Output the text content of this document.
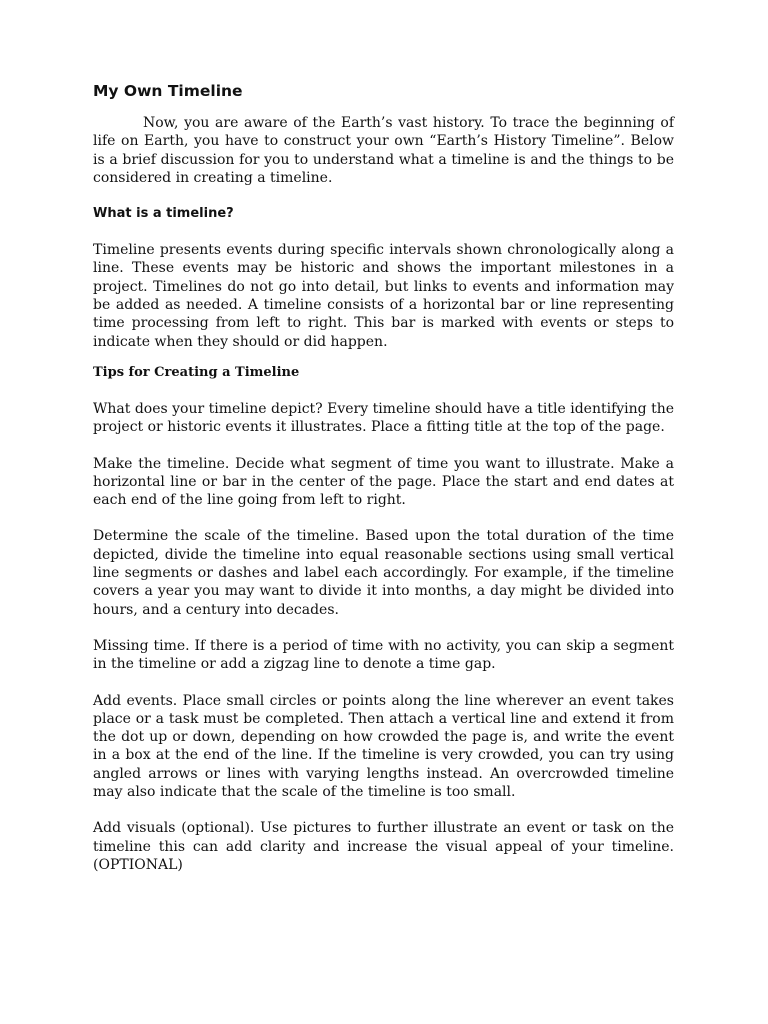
My Own Timeline

Now, you are aware of the Earth’s vast history. To trace the beginning of life on Earth, you have to construct your own “Earth’s History Timeline”. Below is a brief discussion for you to understand what a timeline is and the things to be considered in creating a timeline.

What is a timeline?

Timeline presents events during specific intervals shown chronologically along a line. These events may be historic and shows the important milestones in a project. Timelines do not go into detail, but links to events and information may be added as needed. A timeline consists of a horizontal bar or line representing time processing from left to right. This bar is marked with events or steps to indicate when they should or did happen.

Tips for Creating a Timeline

What does your timeline depict? Every timeline should have a title identifying the project or historic events it illustrates. Place a fitting title at the top of the page.

Make the timeline. Decide what segment of time you want to illustrate. Make a horizontal line or bar in the center of the page. Place the start and end dates at each end of the line going from left to right.

Determine the scale of the timeline. Based upon the total duration of the time depicted, divide the timeline into equal reasonable sections using small vertical line segments or dashes and label each accordingly. For example, if the timeline covers a year you may want to divide it into months, a day might be divided into hours, and a century into decades.

Missing time. If there is a period of time with no activity, you can skip a segment in the timeline or add a zigzag line to denote a time gap.

Add events. Place small circles or points along the line wherever an event takes place or a task must be completed. Then attach a vertical line and extend it from the dot up or down, depending on how crowded the page is, and write the event in a box at the end of the line. If the timeline is very crowded, you can try using angled arrows or lines with varying lengths instead. An overcrowded timeline may also indicate that the scale of the timeline is too small.

Add visuals (optional). Use pictures to further illustrate an event or task on the timeline this can add clarity and increase the visual appeal of your timeline.(OPTIONAL)
